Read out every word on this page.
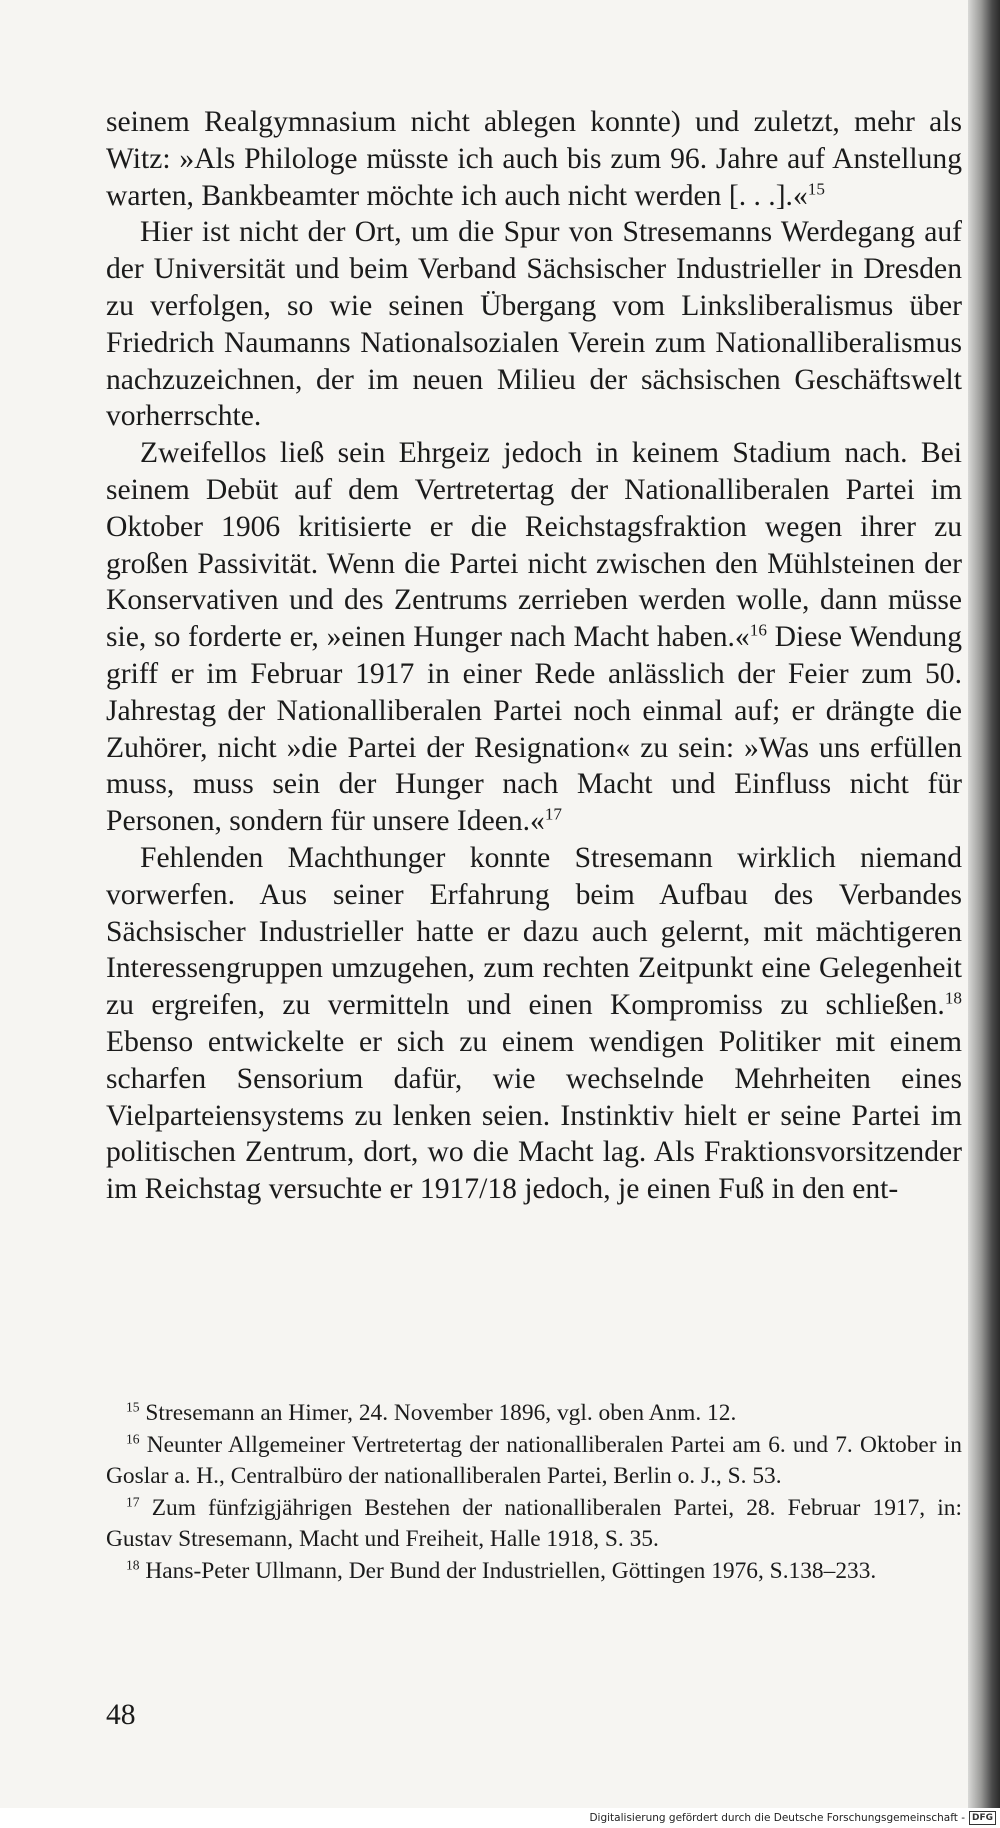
seinem Realgymnasium nicht ablegen konnte) und zuletzt, mehr als Witz: »Als Philologe müsste ich auch bis zum 96. Jahre auf Anstellung warten, Bankbeamter möchte ich auch nicht werden [. . .].«$^{15}$

Hier ist nicht der Ort, um die Spur von Stresemanns Werdegang auf der Universität und beim Verband Sächsischer Industrieller in Dresden zu verfolgen, so wie seinen Übergang vom Linksliberalismus über Friedrich Naumanns Nationalsozialen Verein zum Nationalliberalismus nachzuzeichnen, der im neuen Milieu der sächsischen Geschäftswelt vorherrschte.

Zweifellos ließ sein Ehrgeiz jedoch in keinem Stadium nach. Bei seinem Debüt auf dem Vertretertag der Nationalliberalen Partei im Oktober 1906 kritisierte er die Reichstagsfraktion wegen ihrer zu großen Passivität. Wenn die Partei nicht zwischen den Mühlsteinen der Konservativen und des Zentrums zerrieben werden wolle, dann müsse sie, so forderte er, »einen Hunger nach Macht haben.«$^{16}$ Diese Wendung griff er im Februar 1917 in einer Rede anlässlich der Feier zum 50. Jahrestag der Nationalliberalen Partei noch einmal auf; er drängte die Zuhörer, nicht »die Partei der Resignation« zu sein: »Was uns erfüllen muss, muss sein der Hunger nach Macht und Einfluss nicht für Personen, sondern für unsere Ideen.«$^{17}$

Fehlenden Machthunger konnte Stresemann wirklich niemand vorwerfen. Aus seiner Erfahrung beim Aufbau des Verbandes Sächsischer Industrieller hatte er dazu auch gelernt, mit mächtigeren Interessengruppen umzugehen, zum rechten Zeitpunkt eine Gelegenheit zu ergreifen, zu vermitteln und einen Kompromiss zu schließen.$^{18}$ Ebenso entwickelte er sich zu einem wendigen Politiker mit einem scharfen Sensorium dafür, wie wechselnde Mehrheiten eines Vielparteiensystems zu lenken seien. Instinktiv hielt er seine Partei im politischen Zentrum, dort, wo die Macht lag. Als Fraktionsvorsitzender im Reichstag versuchte er 1917/18 jedoch, je einen Fuß in den ent-

$^{15}$ Stresemann an Himer, 24. November 1896, vgl. oben Anm. 12.

$^{16}$ Neunter Allgemeiner Vertretertag der nationalliberalen Partei am 6. und 7. Oktober in Goslar a. H., Centralbüro der nationalliberalen Partei, Berlin o. J., S. 53.

$^{17}$ Zum fünfzigjährigen Bestehen der nationalliberalen Partei, 28. Februar 1917, in: Gustav Stresemann, Macht und Freiheit, Halle 1918, S. 35.

$^{18}$ Hans-Peter Ullmann, Der Bund der Industriellen, Göttingen 1976, S.138–233.

48
Digitalisierung gefördert durch die Deutsche Forschungsgemeinschaft - DFG
